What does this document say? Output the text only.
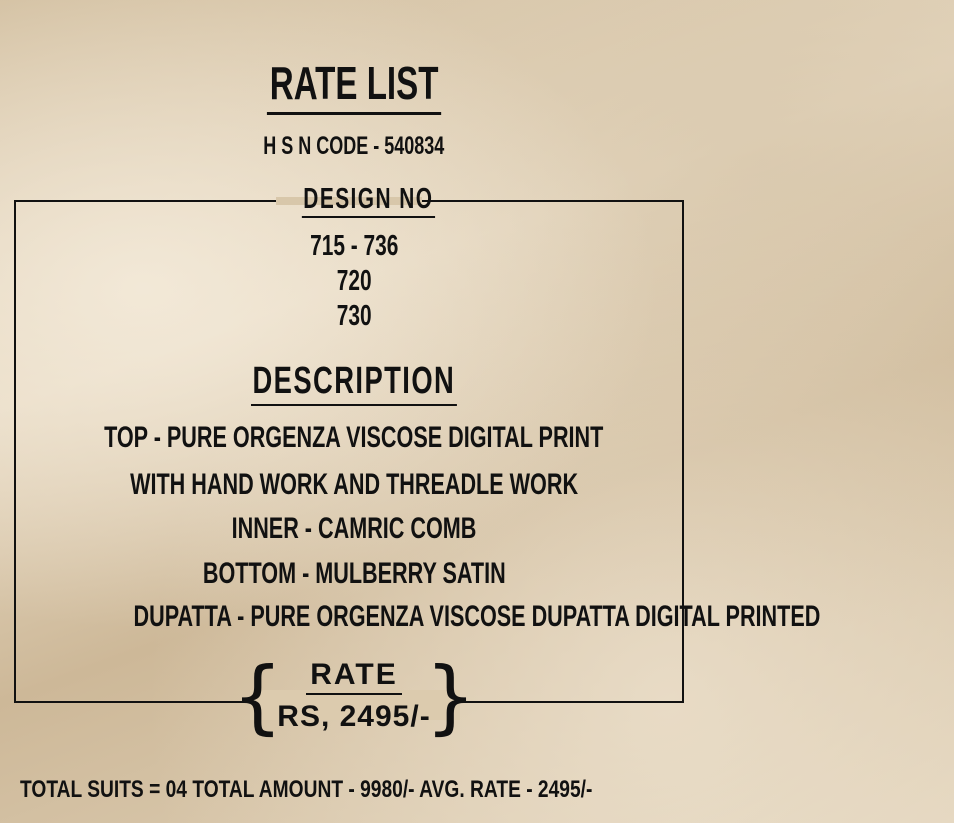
RATE LIST
H S N CODE - 540834
DESIGN NO
715 - 736
720
730
DESCRIPTION
TOP - PURE ORGENZA VISCOSE DIGITAL PRINT
WITH HAND WORK AND THREADLE WORK
INNER - CAMRIC COMB
BOTTOM - MULBERRY SATIN
DUPATTA - PURE ORGENZA VISCOSE DUPATTA DIGITAL PRINTED
{ }
RATE
RS, 2495/-
TOTAL SUITS = 04 TOTAL AMOUNT - 9980/- AVG. RATE - 2495/-
